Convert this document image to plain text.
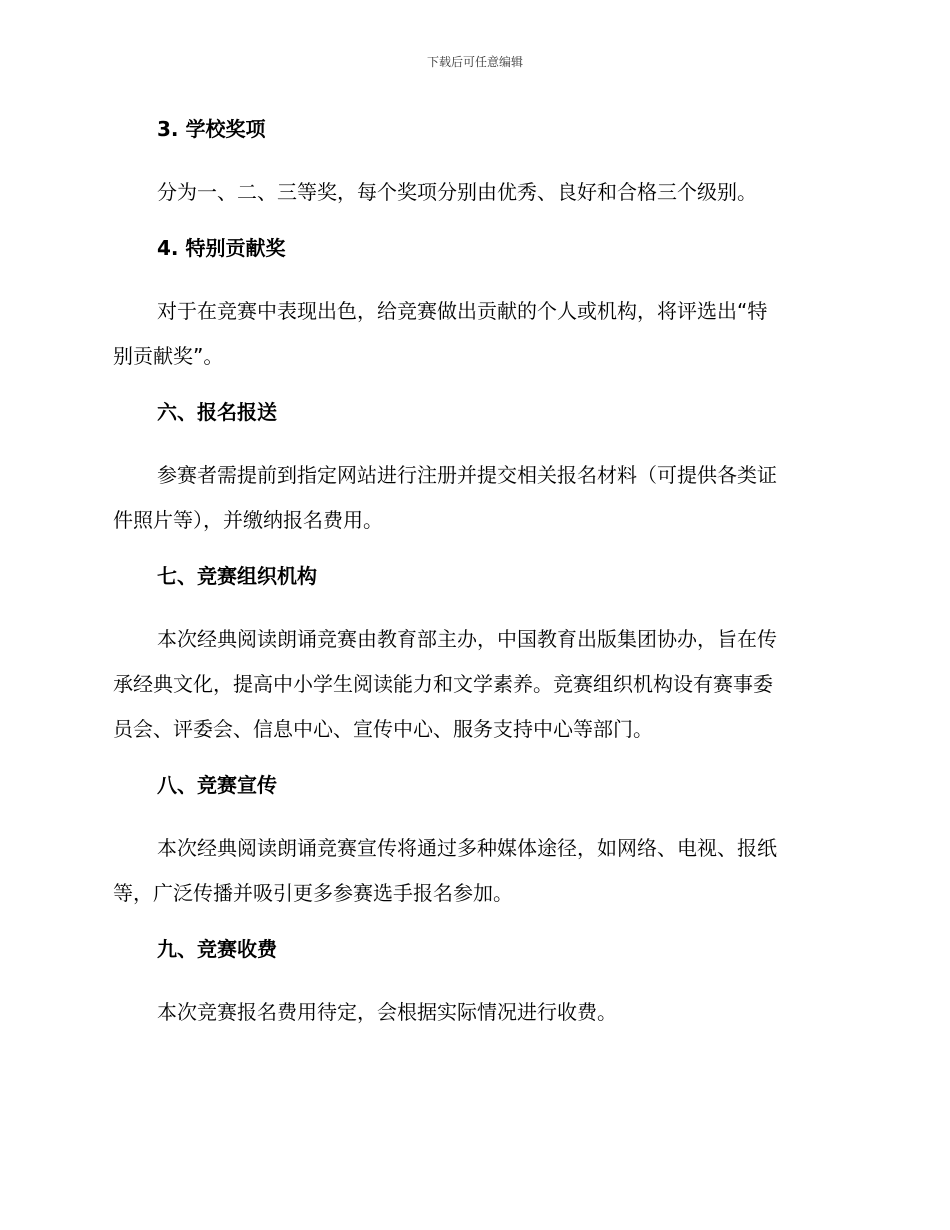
下载后可任意编辑
3. 学校奖项
分为一、二、三等奖，每个奖项分别由优秀、良好和合格三个级别。
4. 特别贡献奖
对于在竞赛中表现出色，给竞赛做出贡献的个人或机构，将评选出“特
别贡献奖”。
六、报名报送
参赛者需提前到指定网站进行注册并提交相关报名材料（可提供各类证
件照片等），并缴纳报名费用。
七、竞赛组织机构
本次经典阅读朗诵竞赛由教育部主办，中国教育出版集团协办，旨在传
承经典文化，提高中小学生阅读能力和文学素养。竞赛组织机构设有赛事委
员会、评委会、信息中心、宣传中心、服务支持中心等部门。
八、竞赛宣传
本次经典阅读朗诵竞赛宣传将通过多种媒体途径，如网络、电视、报纸
等，广泛传播并吸引更多参赛选手报名参加。
九、竞赛收费
本次竞赛报名费用待定，会根据实际情况进行收费。
